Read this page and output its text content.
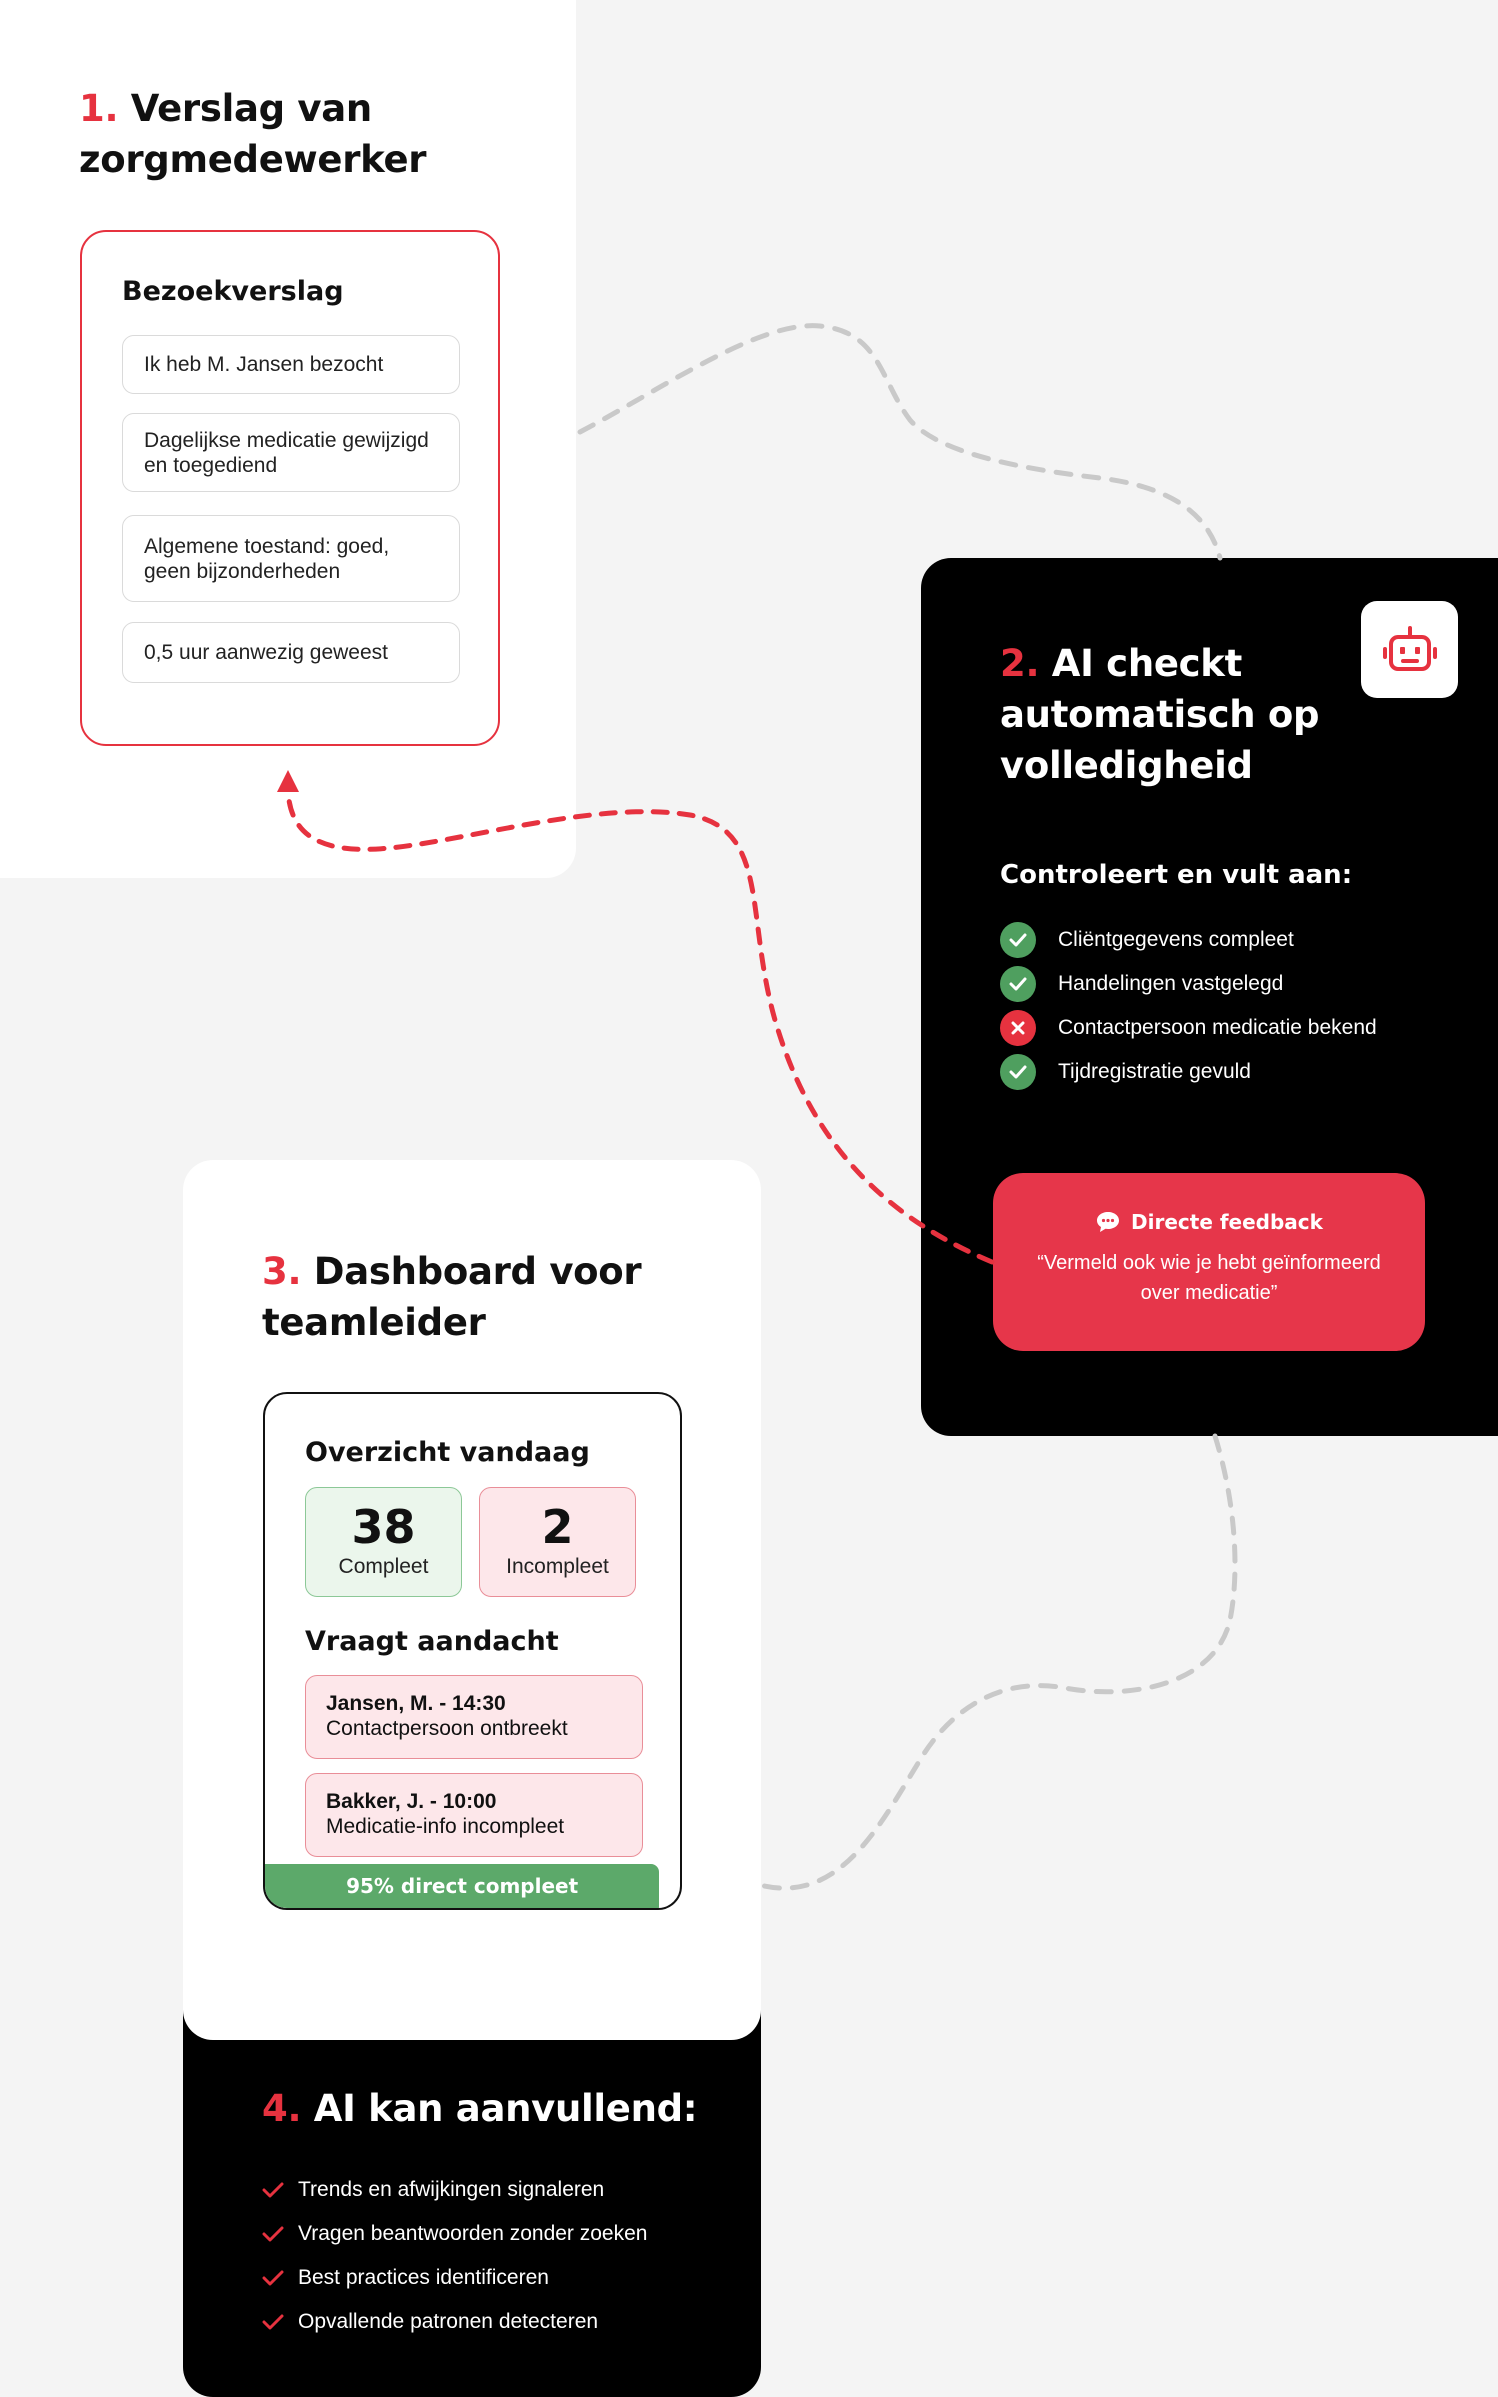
1. Verslag van zorgmedewerker
Bezoekverslag
Ik heb M. Jansen bezocht
Dagelijkse medicatie gewijzigd en toegediend
Algemene toestand: goed, geen bijzonderheden
0,5 uur aanwezig geweest	2. AI checkt automatisch op volledigheid
Controleert en vult aan:
Cliëntgegevens compleet
Handelingen vastgelegd
Contactpersoon medicatie bekend
Tijdregistratie gevuld
Directe feedback
“Vermeld ook wie je hebt geïnformeerd over medicatie”
3. Dashboard voor teamleider
Overzicht vandaag
38
Compleet
2
Incompleet
Vraagt aandacht
Jansen, M. - 14:30
Contactpersoon ontbreekt
Bakker, J. - 10:00
Medicatie-info incompleet
95% direct compleet
4. AI kan aanvullend:
Trends en afwijkingen signaleren
Vragen beantwoorden zonder zoeken
Best practices identificeren
Opvallende patronen detecteren
